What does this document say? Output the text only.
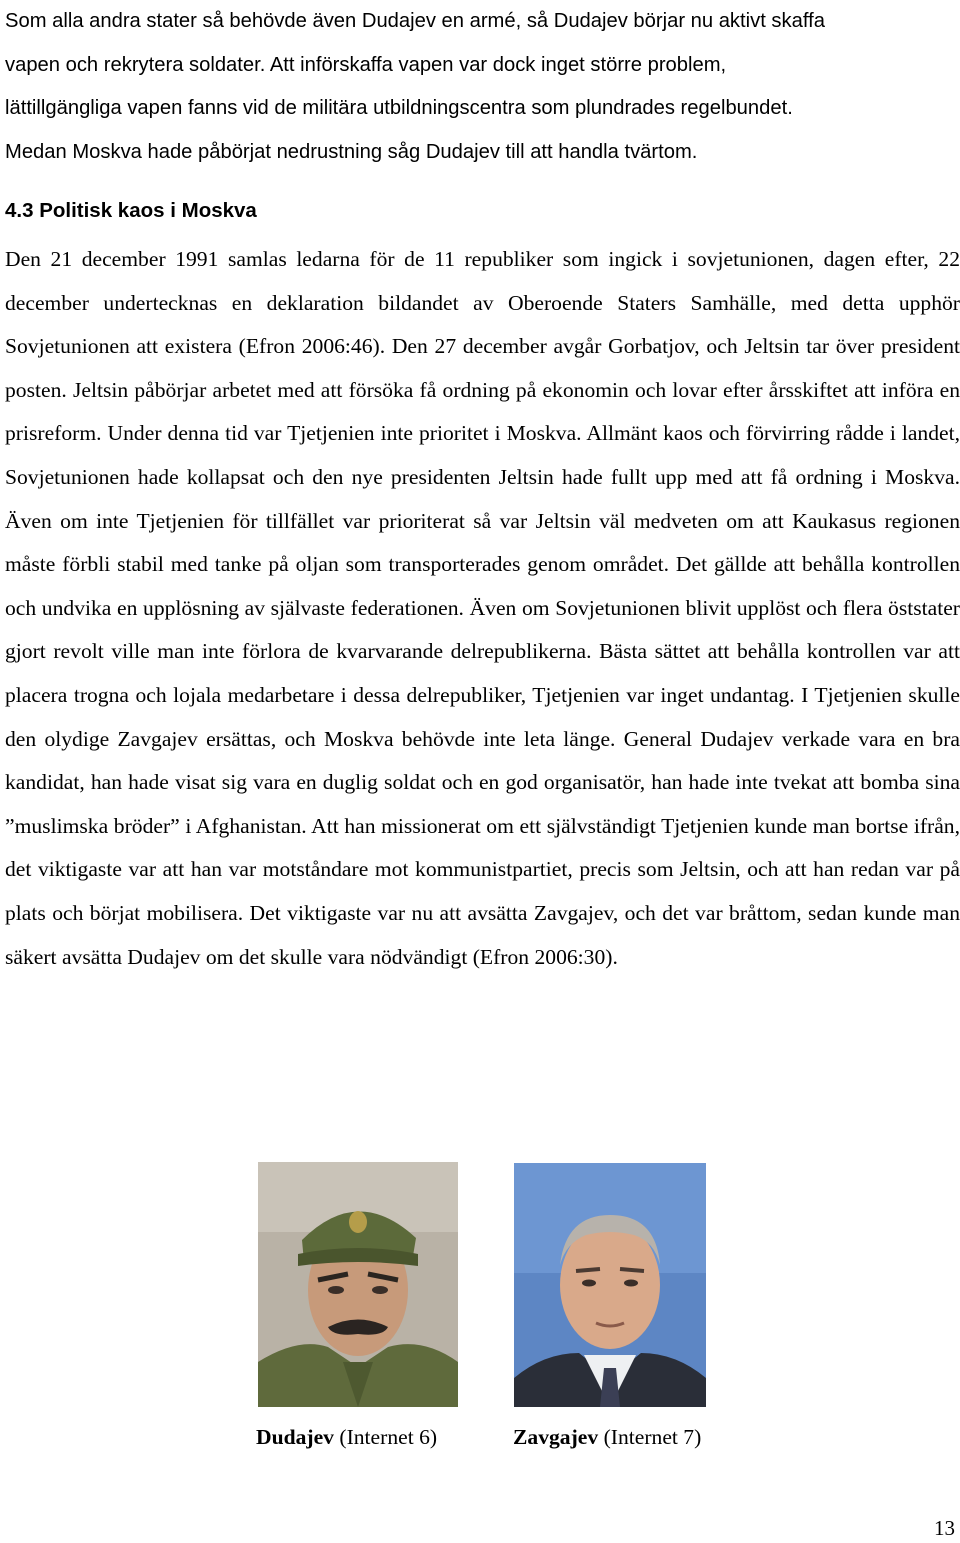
Som alla andra stater så behövde även Dudajev en armé, så Dudajev börjar nu aktivt skaffa

vapen och rekrytera soldater. Att införskaffa vapen var dock inget större problem,

lättillgängliga vapen fanns vid de militära utbildningscentra som plundrades regelbundet.

Medan Moskva hade påbörjat nedrustning såg Dudajev till att handla tvärtom.

4.3 Politisk kaos i Moskva

Den 21 december 1991 samlas ledarna för de 11 republiker som ingick i sovjetunionen, dagen efter, 22 december undertecknas en deklaration bildandet av Oberoende Staters Samhälle, med detta upphör Sovjetunionen att existera (Efron 2006:46). Den 27 december avgår Gorbatjov, och Jeltsin tar över president posten. Jeltsin påbörjar arbetet med att försöka få ordning på ekonomin och lovar efter årsskiftet att införa en prisreform. Under denna tid var Tjetjenien inte prioritet i Moskva. Allmänt kaos och förvirring rådde i landet, Sovjetunionen hade kollapsat och den nye presidenten Jeltsin hade fullt upp med att få ordning i Moskva. Även om inte Tjetjenien för tillfället var prioriterat så var Jeltsin väl medveten om att Kaukasus regionen måste förbli stabil med tanke på oljan som transporterades genom området. Det gällde att behålla kontrollen och undvika en upplösning av självaste federationen. Även om Sovjetunionen blivit upplöst och flera öststater gjort revolt ville man inte förlora de kvarvarande delrepublikerna. Bästa sättet att behålla kontrollen var att placera trogna och lojala medarbetare i dessa delrepubliker, Tjetjenien var inget undantag. I Tjetjenien skulle den olydige Zavgajev ersättas, och Moskva behövde inte leta länge. General Dudajev verkade vara en bra kandidat, han hade visat sig vara en duglig soldat och en god organisatör, han hade inte tvekat att bomba sina ”muslimska bröder” i Afghanistan. Att han missionerat om ett självständigt Tjetjenien kunde man bortse ifrån, det viktigaste var att han var motståndare mot kommunistpartiet, precis som Jeltsin, och att han redan var på plats och börjat mobilisera. Det viktigaste var nu att avsätta Zavgajev, och det var bråttom, sedan kunde man säkert avsätta Dudajev om det skulle vara nödvändigt (Efron 2006:30).

Dudajev (Internet 6)	Zavgajev (Internet 7)
13
